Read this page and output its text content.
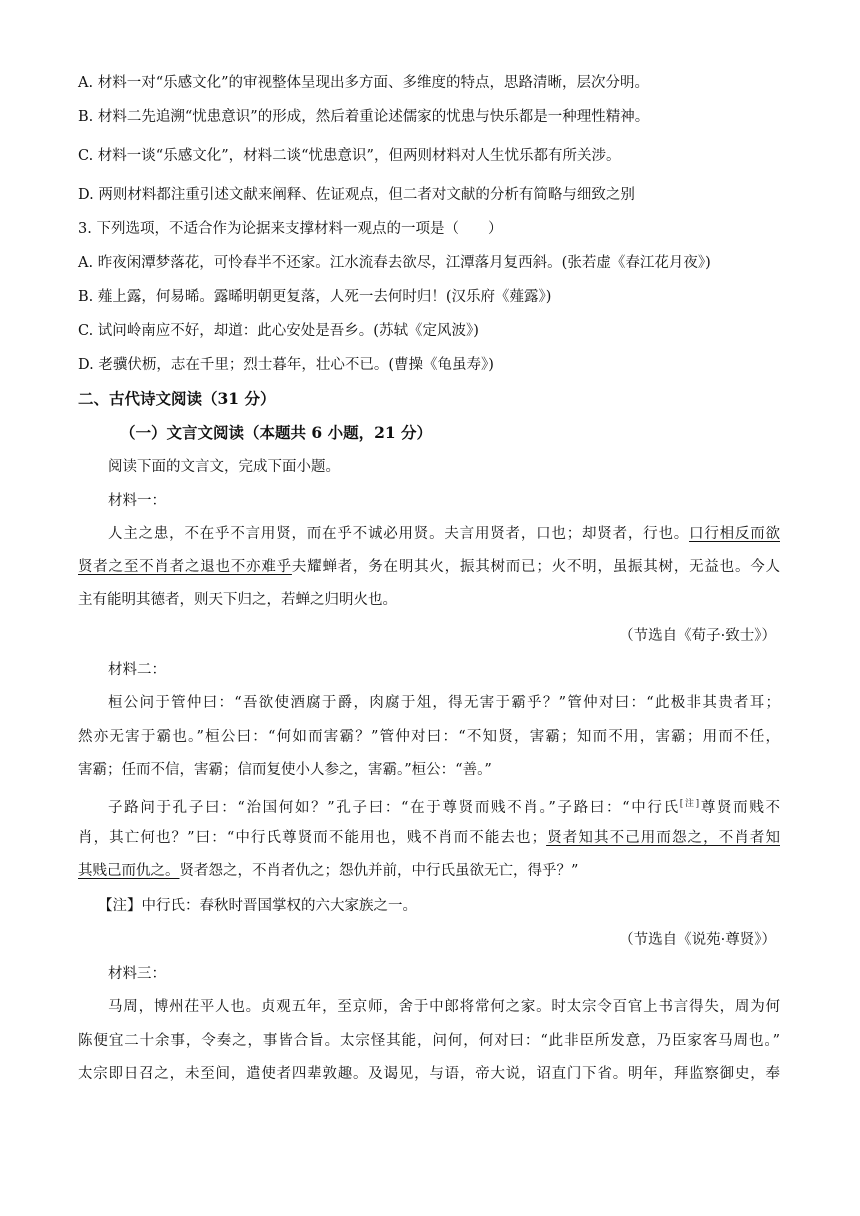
A. 材料一对“乐感文化”的审视整体呈现出多方面、多维度的特点，思路清晰，层次分明。
B. 材料二先追溯“忧患意识”的形成，然后着重论述儒家的忧患与快乐都是一种理性精神。
C. 材料一谈“乐感文化”，材料二谈“忧患意识”，但两则材料对人生忧乐都有所关涉。
D. 两则材料都注重引述文献来阐释、佐证观点，但二者对文献的分析有简略与细致之别
3. 下列选项，不适合作为论据来支撑材料一观点的一项是（　　）
A. 昨夜闲潭梦落花，可怜春半不还家。江水流春去欲尽，江潭落月复西斜。(张若虚《春江花月夜》)
B. 薤上露，何易晞。露晞明朝更复落，人死一去何时归！(汉乐府《薤露》)
C. 试问岭南应不好，却道：此心安处是吾乡。(苏轼《定风波》)
D. 老骥伏枥，志在千里；烈士暮年，壮心不已。(曹操《龟虽寿》)
二、古代诗文阅读（31 分）
（一）文言文阅读（本题共 6 小题，21 分）
阅读下面的文言文，完成下面小题。
材料一：
人主之患，不在乎不言用贤，而在乎不诚必用贤。夫言用贤者，口也；却贤者，行也。口行相反而欲
贤者之至不肖者之退也不亦难乎夫耀蝉者，务在明其火，振其树而已；火不明，虽振其树，无益也。今人
主有能明其德者，则天下归之，若蝉之归明火也。
（节选自《荀子·致士》）
材料二：
桓公问于管仲曰：“吾欲使酒腐于爵，肉腐于俎，得无害于霸乎？”管仲对曰：“此极非其贵者耳；
然亦无害于霸也。”桓公曰：“何如而害霸？”管仲对曰：“不知贤，害霸；知而不用，害霸；用而不任，
害霸；任而不信，害霸；信而复使小人参之，害霸。”桓公：“善。”
子路问于孔子曰：“治国何如？”孔子曰：“在于尊贤而贱不肖。”子路曰：“中行氏[注]尊贤而贱不
肖，其亡何也？”曰：“中行氏尊贤而不能用也，贱不肖而不能去也；贤者知其不己用而怨之，不肖者知
其贱己而仇之。贤者怨之，不肖者仇之；怨仇并前，中行氏虽欲无亡，得乎？”
【注】中行氏：春秋时晋国掌权的六大家族之一。
（节选自《说苑·尊贤》）
材料三：
马周，博州茌平人也。贞观五年，至京师，舍于中郎将常何之家。时太宗令百官上书言得失，周为何
陈便宜二十余事，令奏之，事皆合旨。太宗怪其能，问何，何对曰：“此非臣所发意，乃臣家客马周也。”
太宗即日召之，未至间，遣使者四辈敦趣。及谒见，与语，帝大说，诏直门下省。明年，拜监察御史，奉
